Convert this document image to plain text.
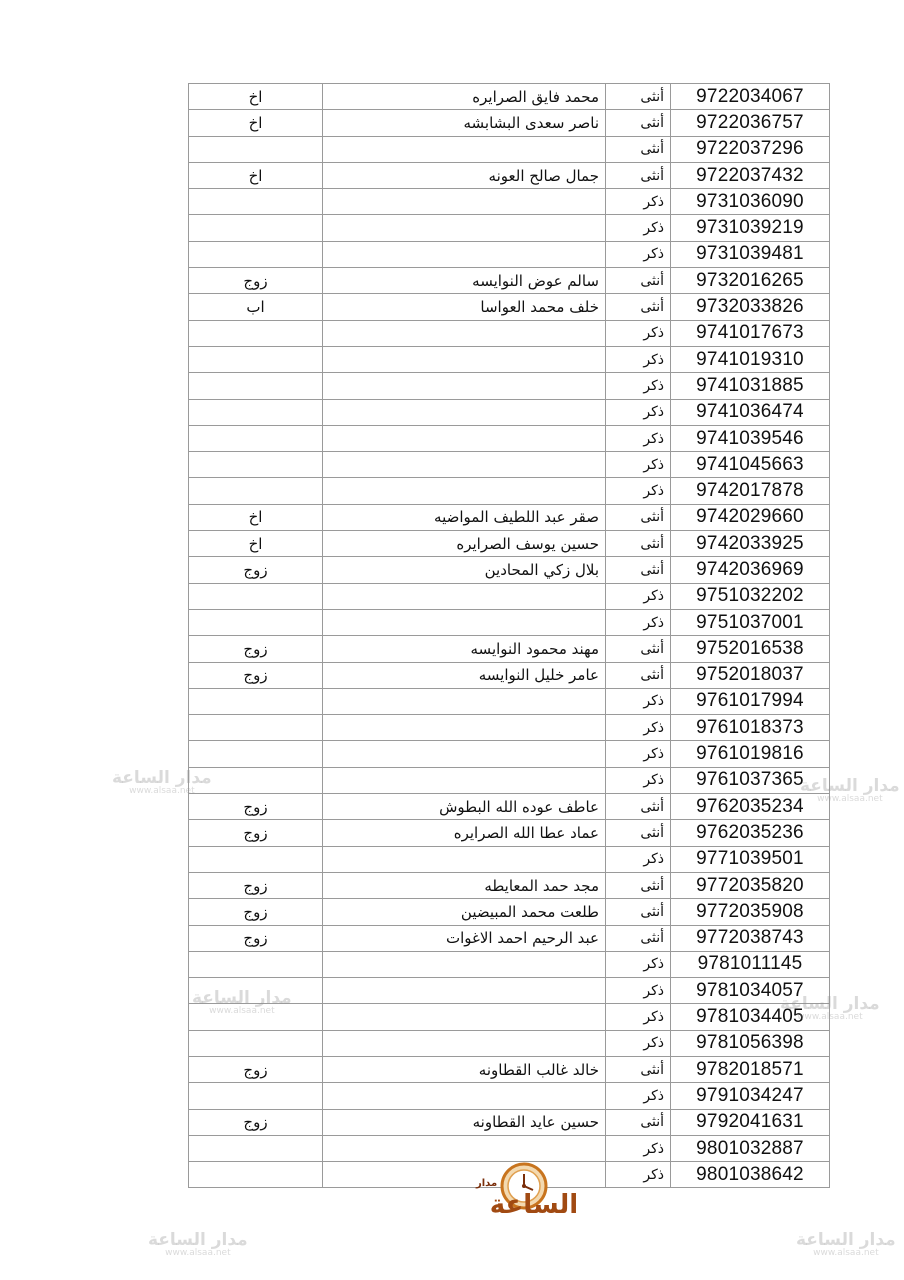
اخ	محمد فايق الصرايره	أنثى	9722034067
اخ	ناصر سعدى البشابشه	أنثى	9722036757
		أنثى	9722037296
اخ	جمال صالح العونه	أنثى	9722037432
		ذكر	9731036090
		ذكر	9731039219
		ذكر	9731039481
زوج	سالم عوض النوايسه	أنثى	9732016265
اب	خلف محمد العواسا	أنثى	9732033826
		ذكر	9741017673
		ذكر	9741019310
		ذكر	9741031885
		ذكر	9741036474
		ذكر	9741039546
		ذكر	9741045663
		ذكر	9742017878
اخ	صقر عبد اللطيف المواضيه	أنثى	9742029660
اخ	حسين يوسف الصرايره	أنثى	9742033925
زوج	بلال زكي المحادين	أنثى	9742036969
		ذكر	9751032202
		ذكر	9751037001
زوج	مهند محمود النوايسه	أنثى	9752016538
زوج	عامر خليل النوايسه	أنثى	9752018037
		ذكر	9761017994
		ذكر	9761018373
		ذكر	9761019816
		ذكر	9761037365
زوج	عاطف عوده الله البطوش	أنثى	9762035234
زوج	عماد عطا الله الصرايره	أنثى	9762035236
		ذكر	9771039501
زوج	مجد حمد المعايطه	أنثى	9772035820
زوج	طلعت محمد المبيضين	أنثى	9772035908
زوج	عبد الرحيم احمد الاغوات	أنثى	9772038743
		ذكر	9781011145
		ذكر	9781034057
		ذكر	9781034405
		ذكر	9781056398
زوج	خالد غالب القطاونه	أنثى	9782018571
		ذكر	9791034247
زوج	حسين عايد القطاونه	أنثى	9792041631
		ذكر	9801032887
		ذكر	9801038642
مدار الساعة
www.alsaa.net	مدار الساعة
www.alsaa.net
مدار الساعة
www.alsaa.net	مدار الساعة
www.alsaa.net
مدار الساعة
www.alsaa.net
مدار الساعة
www.alsaa.net
مدار
الساعة
